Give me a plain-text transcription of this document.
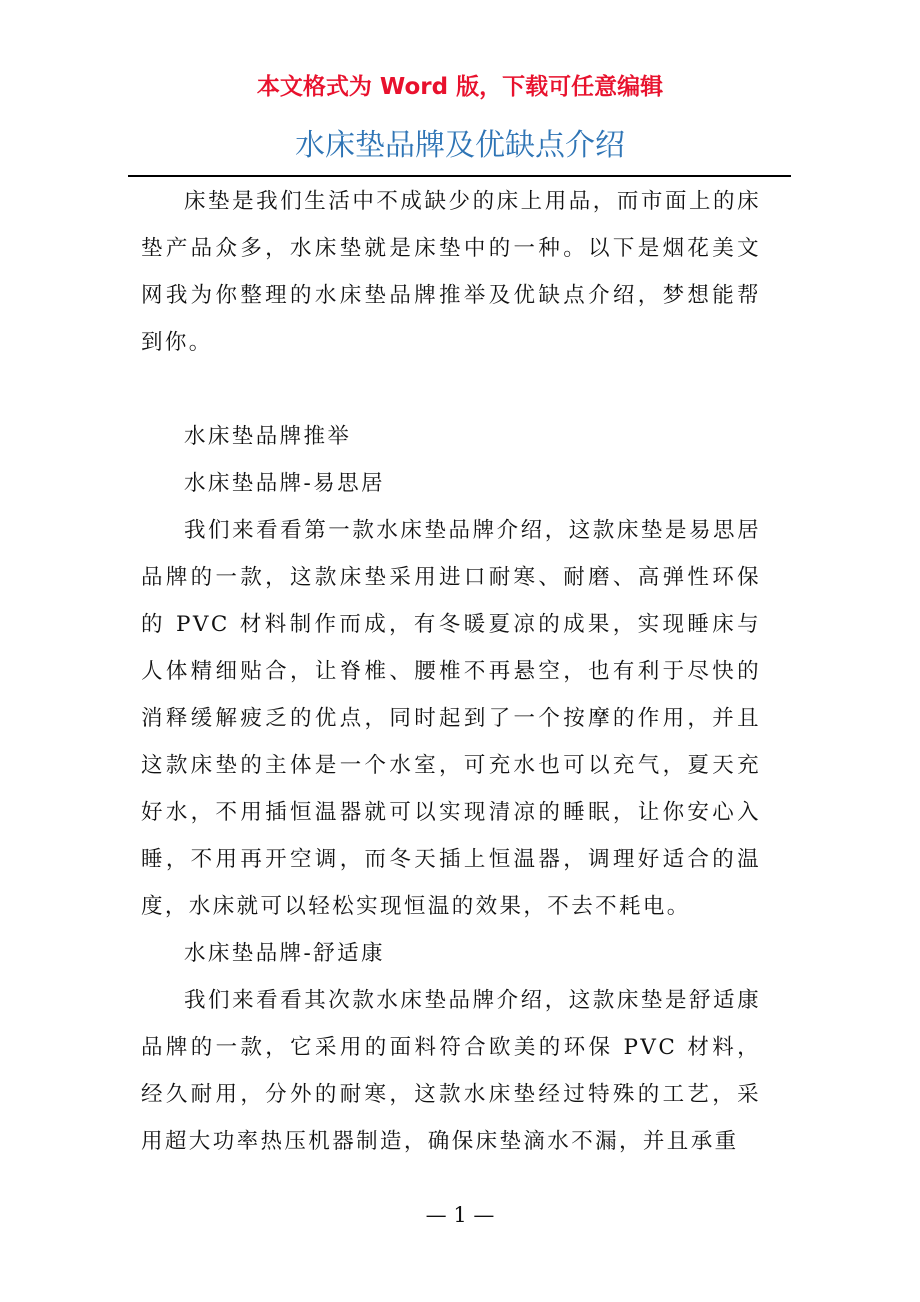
本文格式为 Word 版，下载可任意编辑
水床垫品牌及优缺点介绍

床垫是我们生活中不成缺少的床上用品，而市面上的床垫产品众多，水床垫就是床垫中的一种。以下是烟花美文网我为你整理的水床垫品牌推举及优缺点介绍，梦想能帮到你。

水床垫品牌推举

水床垫品牌-易思居

我们来看看第一款水床垫品牌介绍，这款床垫是易思居品牌的一款，这款床垫采用进口耐寒、耐磨、高弹性环保的 PVC 材料制作而成，有冬暖夏凉的成果，实现睡床与人体精细贴合，让脊椎、腰椎不再悬空，也有利于尽快的消释缓解疲乏的优点，同时起到了一个按摩的作用，并且这款床垫的主体是一个水室，可充水也可以充气，夏天充好水，不用插恒温器就可以实现清凉的睡眠，让你安心入睡，不用再开空调，而冬天插上恒温器，调理好适合的温度，水床就可以轻松实现恒温的效果，不去不耗电。

水床垫品牌-舒适康

我们来看看其次款水床垫品牌介绍，这款床垫是舒适康品牌的一款，它采用的面料符合欧美的环保 PVC 材料，经久耐用，分外的耐寒，这款水床垫经过特殊的工艺，采用超大功率热压机器制造，确保床垫滴水不漏，并且承重

— 1 —
